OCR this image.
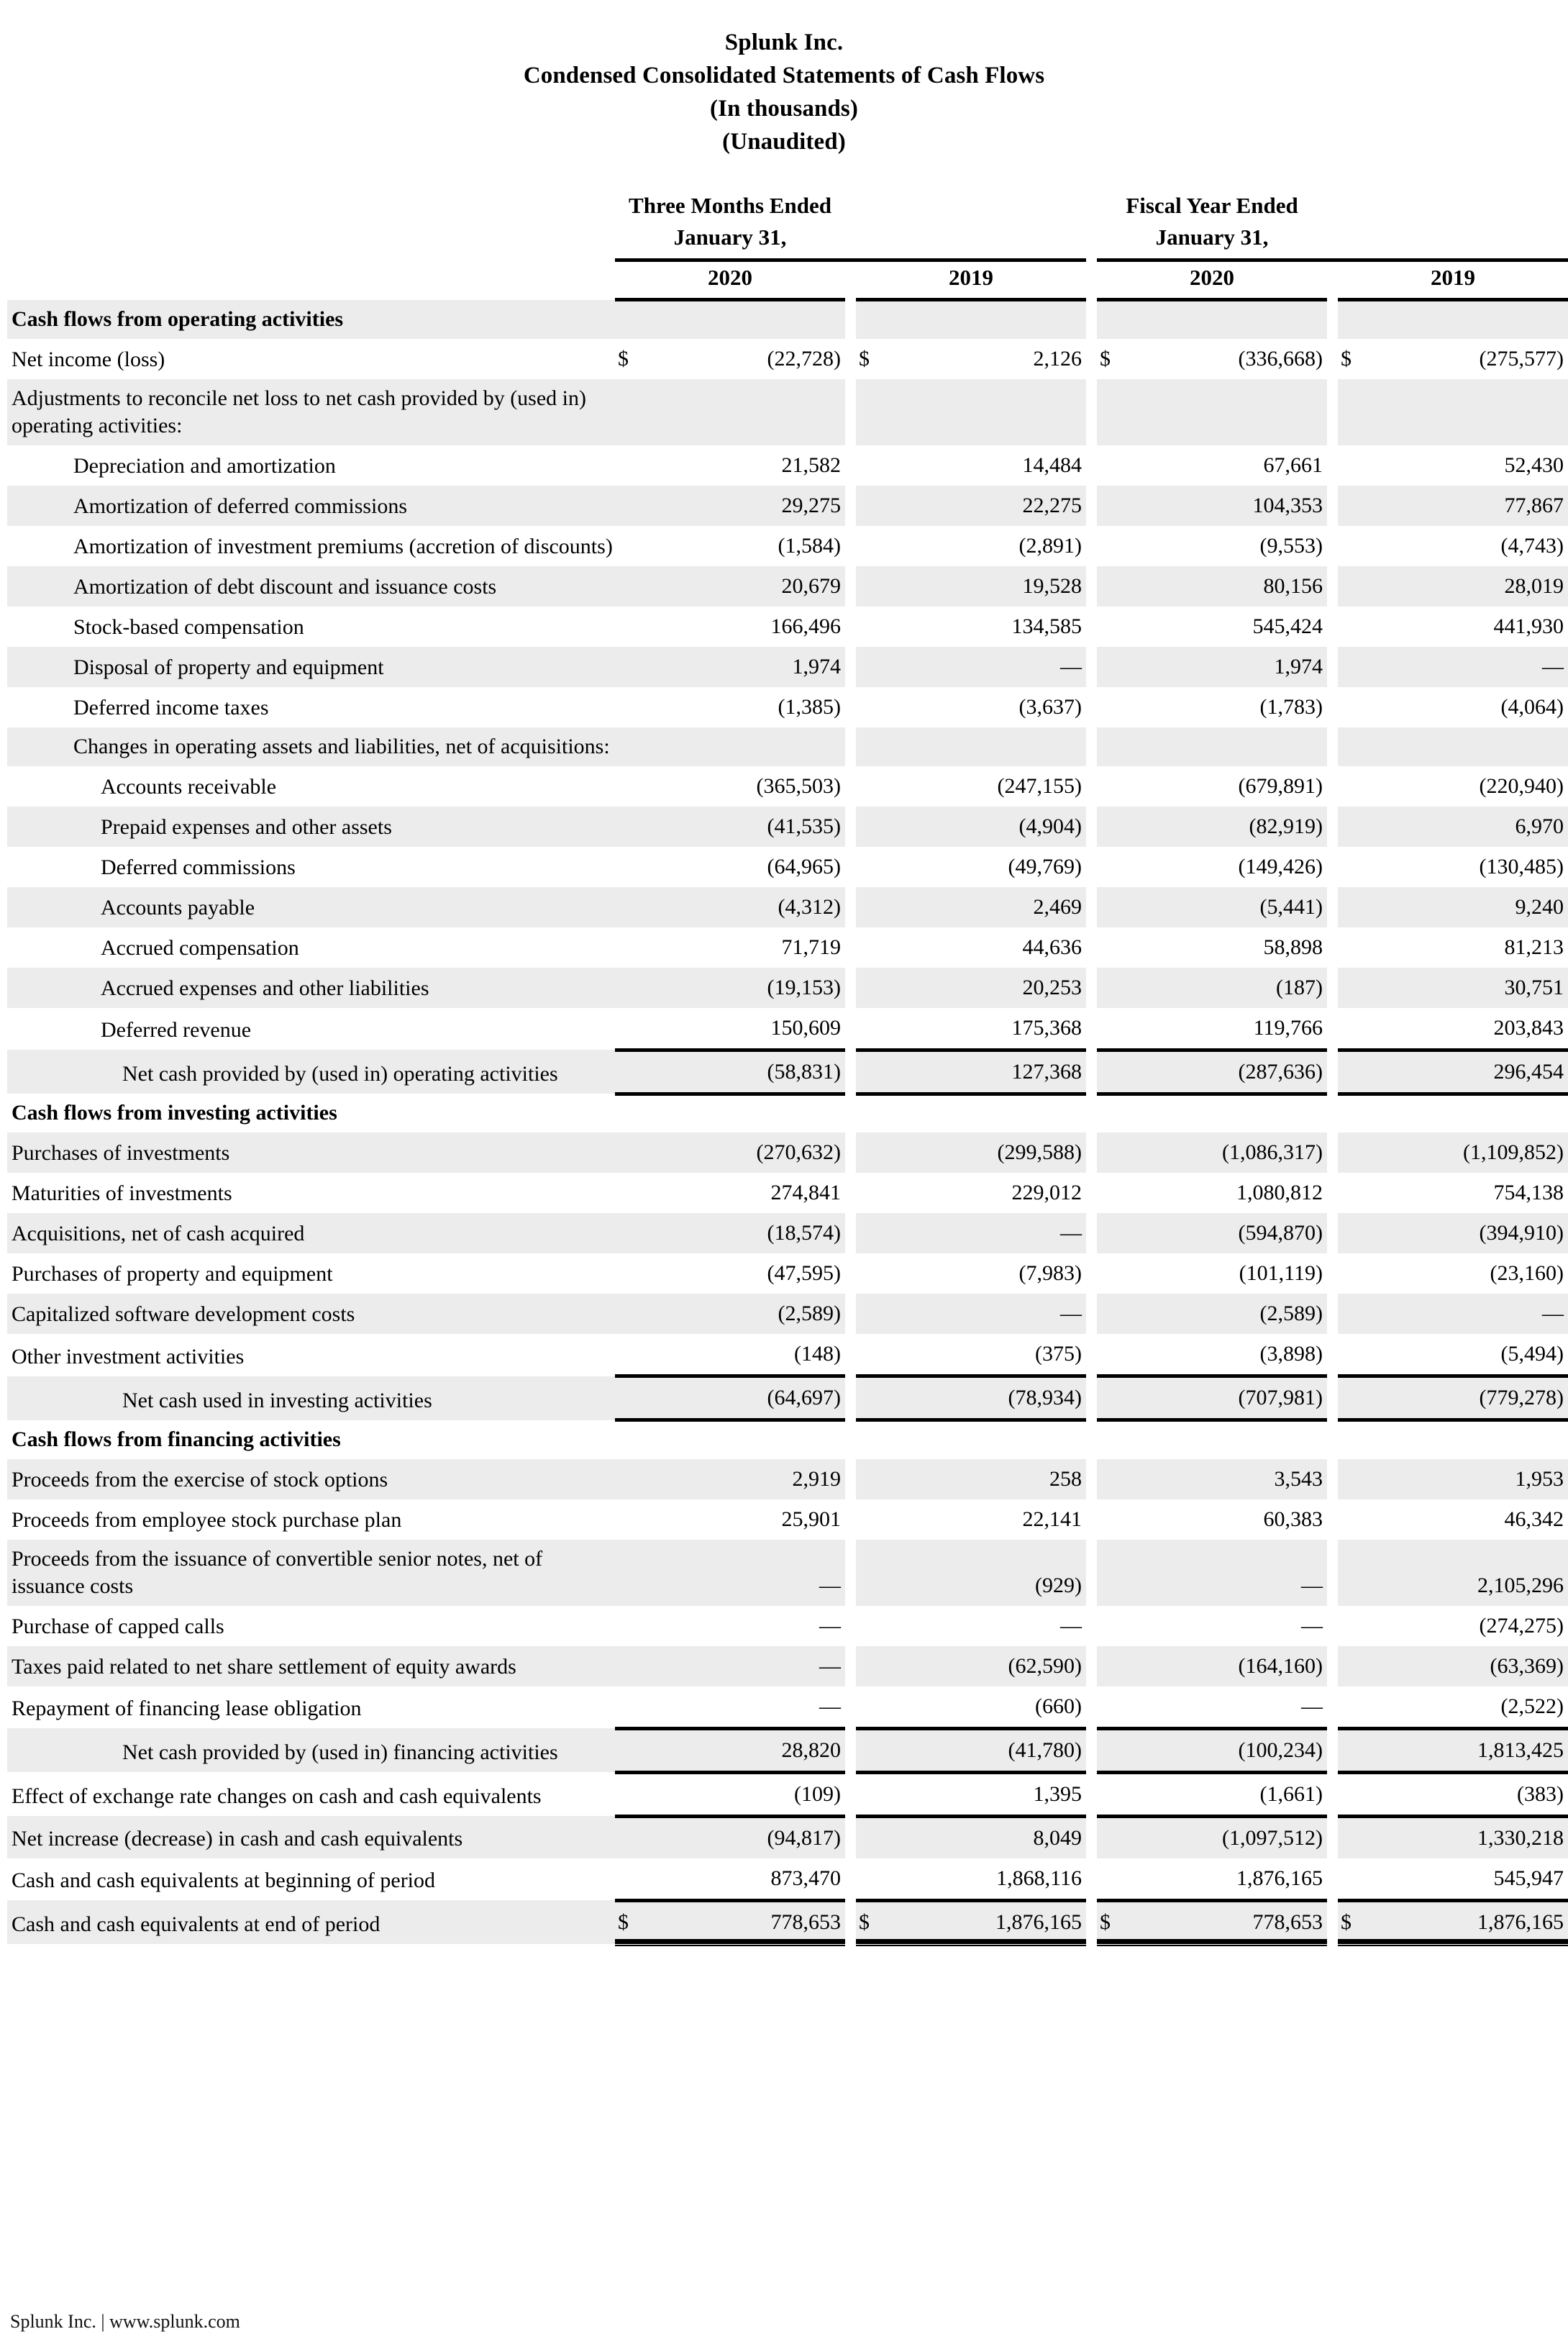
Splunk Inc.
Condensed Consolidated Statements of Cash Flows
(In thousands)
(Unaudited)
	Three Months Ended January 31,						Fiscal Year Ended January 31,				

	2020			2019			2020			2019	

Cash flows from operating activities											
Net income (loss)	$	(22,728)		$	2,126		$	(336,668)		$	(275,577)
Adjustments to reconcile net loss to net cash provided by (used in) operating activities:											
Depreciation and amortization		21,582			14,484			67,661			52,430
Amortization of deferred commissions		29,275			22,275			104,353			77,867
Amortization of investment premiums (accretion of discounts)		(1,584)			(2,891)			(9,553)			(4,743)
Amortization of debt discount and issuance costs		20,679			19,528			80,156			28,019
Stock-based compensation		166,496			134,585			545,424			441,930
Disposal of property and equipment		1,974			—			1,974			—
Deferred income taxes		(1,385)			(3,637)			(1,783)			(4,064)
Changes in operating assets and liabilities, net of acquisitions:											
Accounts receivable		(365,503)			(247,155)			(679,891)			(220,940)
Prepaid expenses and other assets		(41,535)			(4,904)			(82,919)			6,970
Deferred commissions		(64,965)			(49,769)			(149,426)			(130,485)
Accounts payable		(4,312)			2,469			(5,441)			9,240
Accrued compensation		71,719			44,636			58,898			81,213
Accrued expenses and other liabilities		(19,153)			20,253			(187)			30,751
Deferred revenue		150,609			175,368			119,766			203,843
Net cash provided by (used in) operating activities		(58,831)			127,368			(287,636)			296,454
Cash flows from investing activities											
Purchases of investments		(270,632)			(299,588)			(1,086,317)			(1,109,852)
Maturities of investments		274,841			229,012			1,080,812			754,138
Acquisitions, net of cash acquired		(18,574)			—			(594,870)			(394,910)
Purchases of property and equipment		(47,595)			(7,983)			(101,119)			(23,160)
Capitalized software development costs		(2,589)			—			(2,589)			—
Other investment activities		(148)			(375)			(3,898)			(5,494)
Net cash used in investing activities		(64,697)			(78,934)			(707,981)			(779,278)
Cash flows from financing activities											
Proceeds from the exercise of stock options		2,919			258			3,543			1,953
Proceeds from employee stock purchase plan		25,901			22,141			60,383			46,342
Proceeds from the issuance of convertible senior notes, net of issuance costs		—			(929)			—			2,105,296
Purchase of capped calls		—			—			—			(274,275)
Taxes paid related to net share settlement of equity awards		—			(62,590)			(164,160)			(63,369)
Repayment of financing lease obligation		—			(660)			—			(2,522)
Net cash provided by (used in) financing activities		28,820			(41,780)			(100,234)			1,813,425
Effect of exchange rate changes on cash and cash equivalents		(109)			1,395			(1,661)			(383)
Net increase (decrease) in cash and cash equivalents		(94,817)			8,049			(1,097,512)			1,330,218
Cash and cash equivalents at beginning of period		873,470			1,868,116			1,876,165			545,947
Cash and cash equivalents at end of period	$	778,653		$	1,876,165		$	778,653		$	1,876,165
Splunk Inc. | www.splunk.com
